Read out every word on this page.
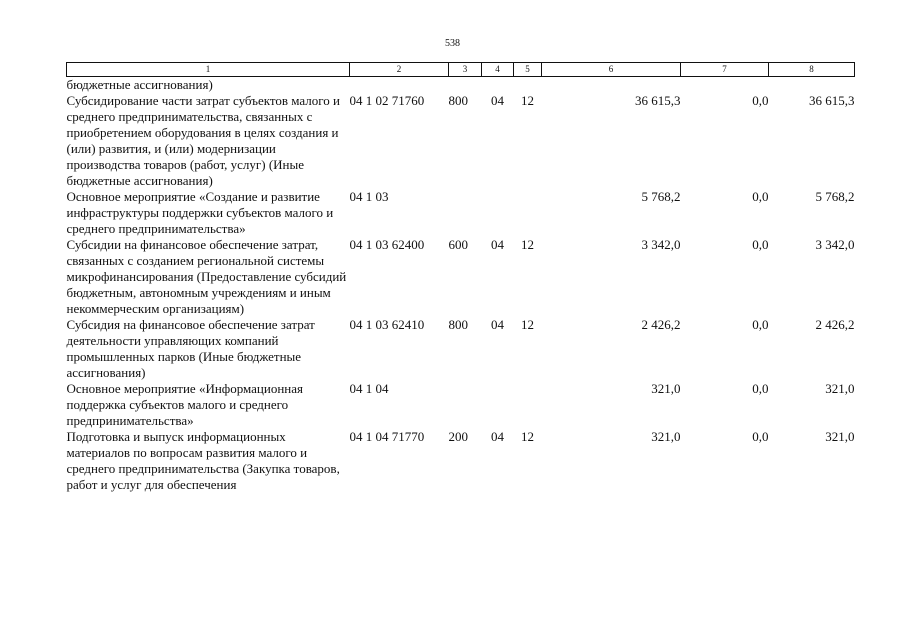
538
1	2	3	4	5	6	7	8
бюджетные ассигнования)							
Субсидирование части затрат субъектов малого и среднего предпринимательства, связанных с приобретением оборудования в целях создания и (или) развития, и (или) модернизации производства товаров (работ, услуг) (Иные бюджетные ассигнования)	04 1 02 71760	800	04	12	36 615,3	0,0	36 615,3
Основное мероприятие «Создание и развитие инфраструктуры поддержки субъектов малого и среднего предпринимательства»	04 1 03				5 768,2	0,0	5 768,2
Субсидии на финансовое обеспечение затрат, связанных с созданием региональной системы микрофинансирования (Предоставление субсидий бюджетным, автономным учреждениям и иным некоммерческим организациям)	04 1 03 62400	600	04	12	3 342,0	0,0	3 342,0
Субсидия на финансовое обеспечение затрат деятельности управляющих компаний промышленных парков (Иные бюджетные ассигнования)	04 1 03 62410	800	04	12	2 426,2	0,0	2 426,2
Основное мероприятие «Информационная поддержка субъектов малого и среднего предпринимательства»	04 1 04				321,0	0,0	321,0
Подготовка и выпуск информационных материалов по вопросам развития малого и среднего предпринимательства (Закупка товаров, работ и услуг для обеспечения	04 1 04 71770	200	04	12	321,0	0,0	321,0
